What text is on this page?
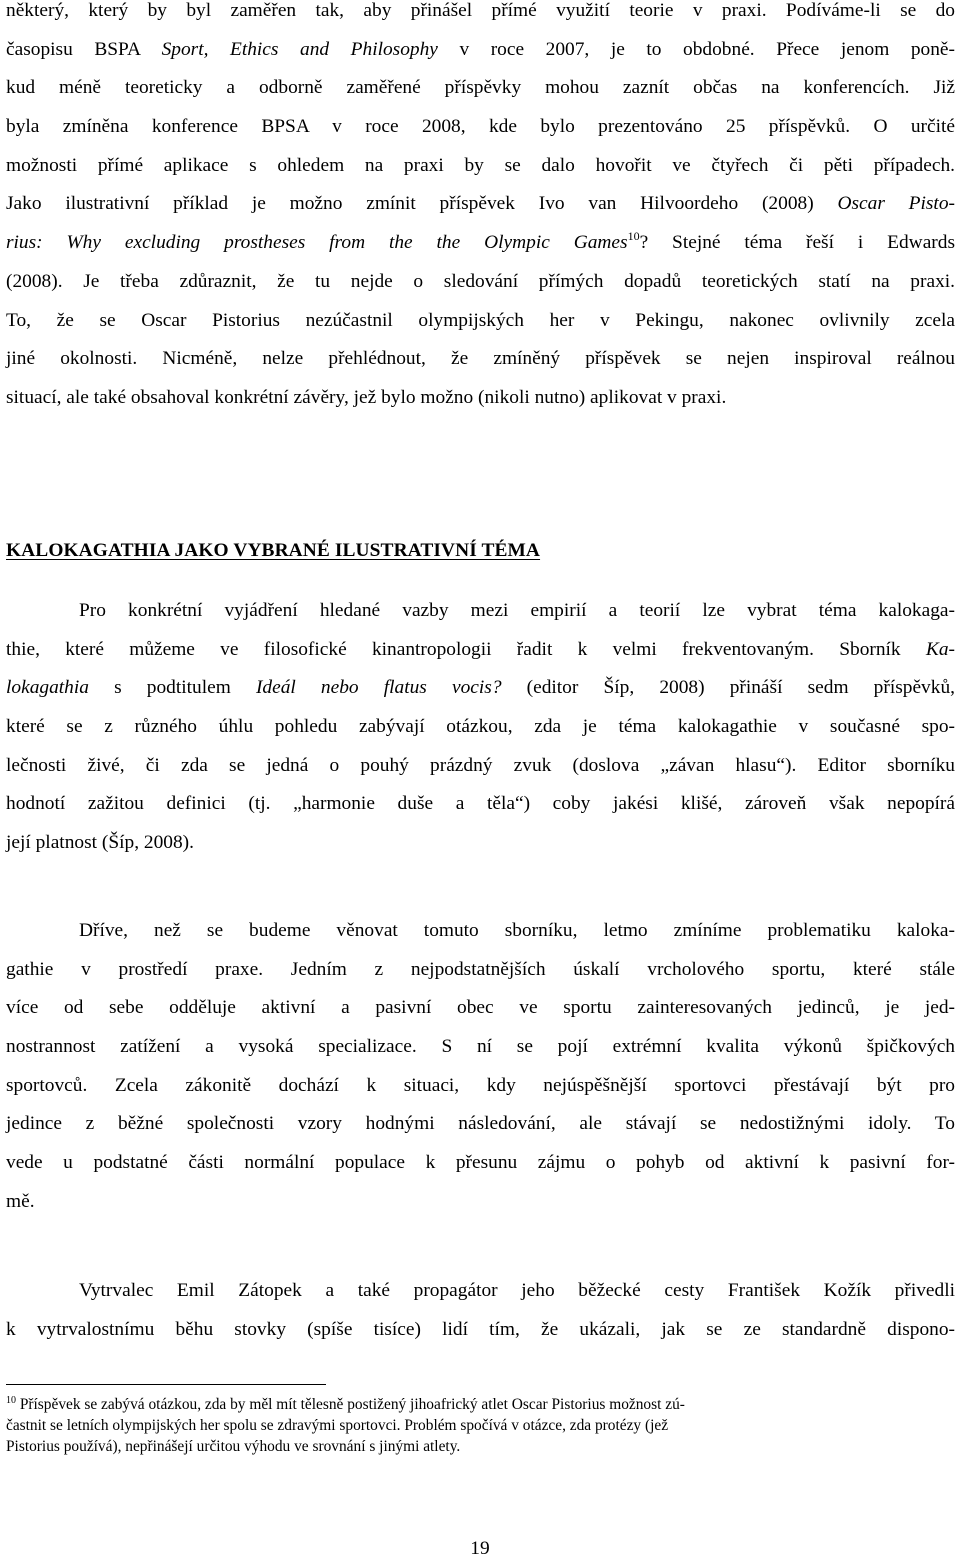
některý, který by byl zaměřen tak, aby přinášel přímé využití teorie v praxi. Podíváme-li se do
časopisu BSPA Sport, Ethics and Philosophy v roce 2007, je to obdobné. Přece jenom poně-
kud méně teoreticky a odborně zaměřené příspěvky mohou zaznít občas na konferencích. Již
byla zmíněna konference BPSA v roce 2008, kde bylo prezentováno 25 příspěvků. O určité
možnosti přímé aplikace s ohledem na praxi by se dalo hovořit ve čtyřech či pěti případech.
Jako ilustrativní příklad je možno zmínit příspěvek Ivo van Hilvoordeho (2008) Oscar Pisto-
rius: Why excluding prostheses from the the Olympic Games$^{10}$? Stejné téma řeší i Edwards
(2008). Je třeba zdůraznit, že tu nejde o sledování přímých dopadů teoretických statí na praxi.
To, že se Oscar Pistorius nezúčastnil olympijských her v Pekingu, nakonec ovlivnily zcela
jiné okolnosti. Nicméně, nelze přehlédnout, že zmíněný příspěvek se nejen inspiroval reálnou
situací, ale také obsahoval konkrétní závěry, jež bylo možno (nikoli nutno) aplikovat v praxi.
KALOKAGATHIA JAKO VYBRANÉ ILUSTRATIVNÍ TÉMA
Pro konkrétní vyjádření hledané vazby mezi empirií a teorií lze vybrat téma kalokaga-
thie, které můžeme ve filosofické kinantropologii řadit k velmi frekventovaným. Sborník Ka-
lokagathia s podtitulem Ideál nebo flatus vocis? (editor Šíp, 2008) přináší sedm příspěvků,
které se z různého úhlu pohledu zabývají otázkou, zda je téma kalokagathie v současné spo-
lečnosti živé, či zda se jedná o pouhý prázdný zvuk (doslova „závan hlasu“). Editor sborníku
hodnotí zažitou definici (tj. „harmonie duše a těla“) coby jakési klišé, zároveň však nepopírá
její platnost (Šíp, 2008).
Dříve, než se budeme věnovat tomuto sborníku, letmo zmíníme problematiku kaloka-
gathie v prostředí praxe. Jedním z nejpodstatnějších úskalí vrcholového sportu, které stále
více od sebe odděluje aktivní a pasivní obec ve sportu zainteresovaných jedinců, je jed-
nostrannost zatížení a vysoká specializace. S ní se pojí extrémní kvalita výkonů špičkových
sportovců. Zcela zákonitě dochází k situaci, kdy nejúspěšnější sportovci přestávají být pro
jedince z běžné společnosti vzory hodnými následování, ale stávají se nedostižnými idoly. To
vede u podstatné části normální populace k přesunu zájmu o pohyb od aktivní k pasivní for-
mě.
Vytrvalec Emil Zátopek a také propagátor jeho běžecké cesty František Kožík přivedli
k vytrvalostnímu běhu stovky (spíše tisíce) lidí tím, že ukázali, jak se ze standardně dispono-
$^{10}$ Příspěvek se zabývá otázkou, zda by měl mít tělesně postižený jihoafrický atlet Oscar Pistorius možnost zú-
častnit se letních olympijských her spolu se zdravými sportovci. Problém spočívá v otázce, zda protézy (jež
Pistorius používá), nepřinášejí určitou výhodu ve srovnání s jinými atlety.
19
